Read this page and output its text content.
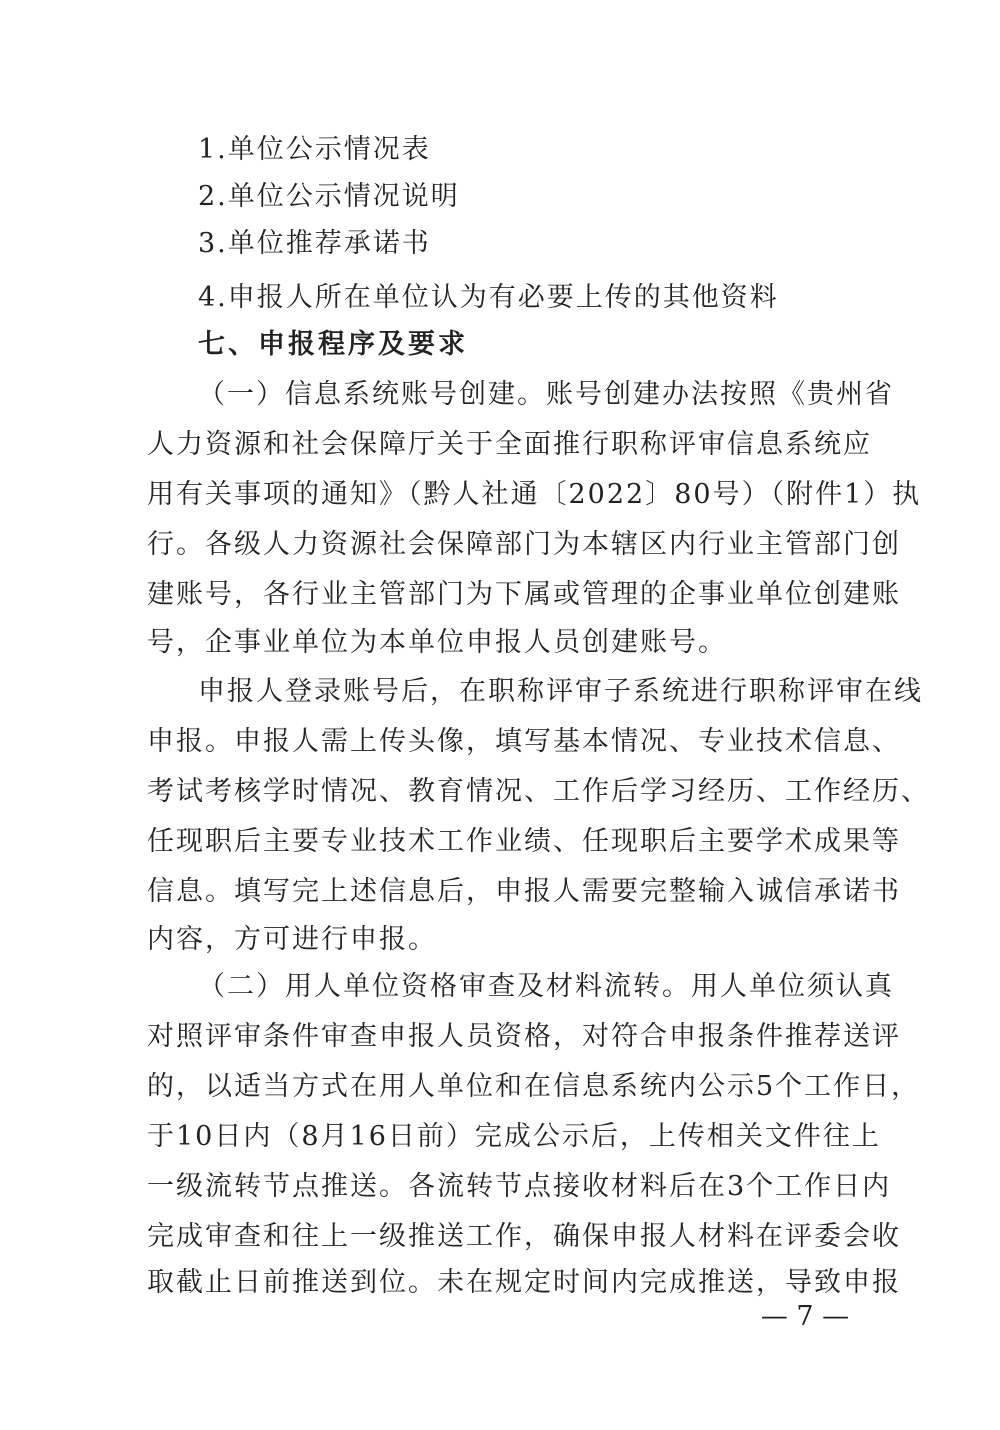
1.单位公示情况表
2.单位公示情况说明
3.单位推荐承诺书
4.申报人所在单位认为有必要上传的其他资料
七、申报程序及要求
（一）信息系统账号创建。账号创建办法按照《贵州省
人力资源和社会保障厅关于全面推行职称评审信息系统应
用有关事项的通知》（黔人社通〔2022〕80号）（附件1）执
行。各级人力资源社会保障部门为本辖区内行业主管部门创
建账号，各行业主管部门为下属或管理的企事业单位创建账
号，企事业单位为本单位申报人员创建账号。
申报人登录账号后，在职称评审子系统进行职称评审在线
申报。申报人需上传头像，填写基本情况、专业技术信息、
考试考核学时情况、教育情况、工作后学习经历、工作经历、
任现职后主要专业技术工作业绩、任现职后主要学术成果等
信息。填写完上述信息后，申报人需要完整输入诚信承诺书
内容，方可进行申报。
（二）用人单位资格审查及材料流转。用人单位须认真
对照评审条件审查申报人员资格，对符合申报条件推荐送评
的，以适当方式在用人单位和在信息系统内公示5个工作日，
于10日内（8月16日前）完成公示后，上传相关文件往上
一级流转节点推送。各流转节点接收材料后在3个工作日内
完成审查和往上一级推送工作，确保申报人材料在评委会收
取截止日前推送到位。未在规定时间内完成推送，导致申报
— 7 —
